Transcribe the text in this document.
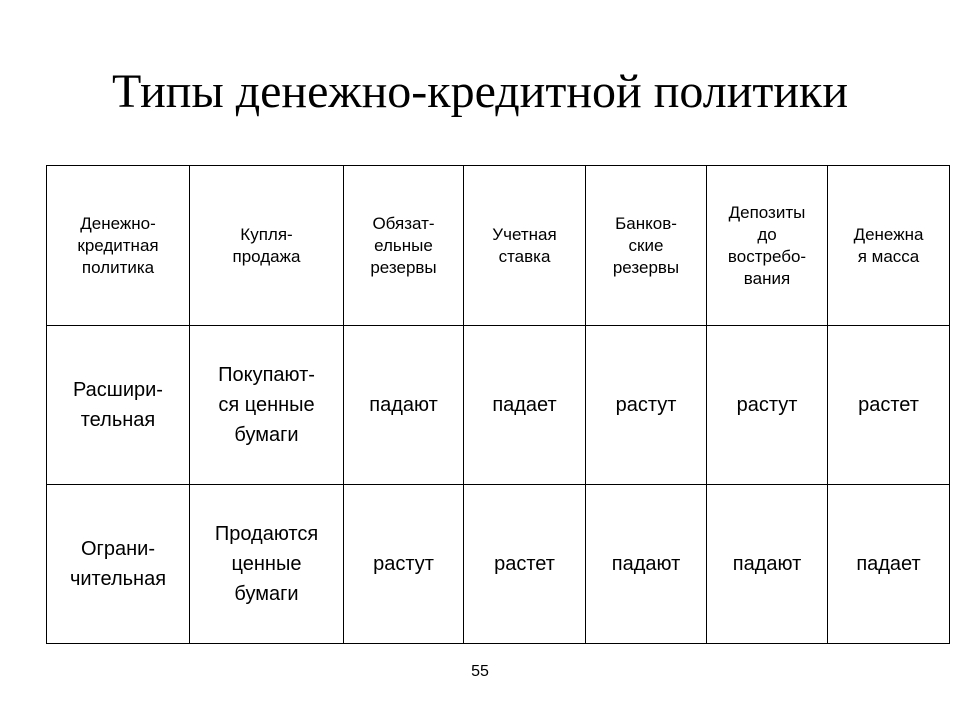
Типы денежно-кредитной политики
Денежно-
кредитная
политика	Купля-
продажа	Обязат-
ельные
резервы	Учетная
ставка	Банков-
ские
резервы	Депозиты
до
востребо-
вания	Денежна
я масса
Расшири-
тельная	Покупают-
ся ценные
бумаги	падают	падает	растут	растут	растет
Ограни-
чительная	Продаются
ценные
бумаги	растут	растет	падают	падают	падает
55
